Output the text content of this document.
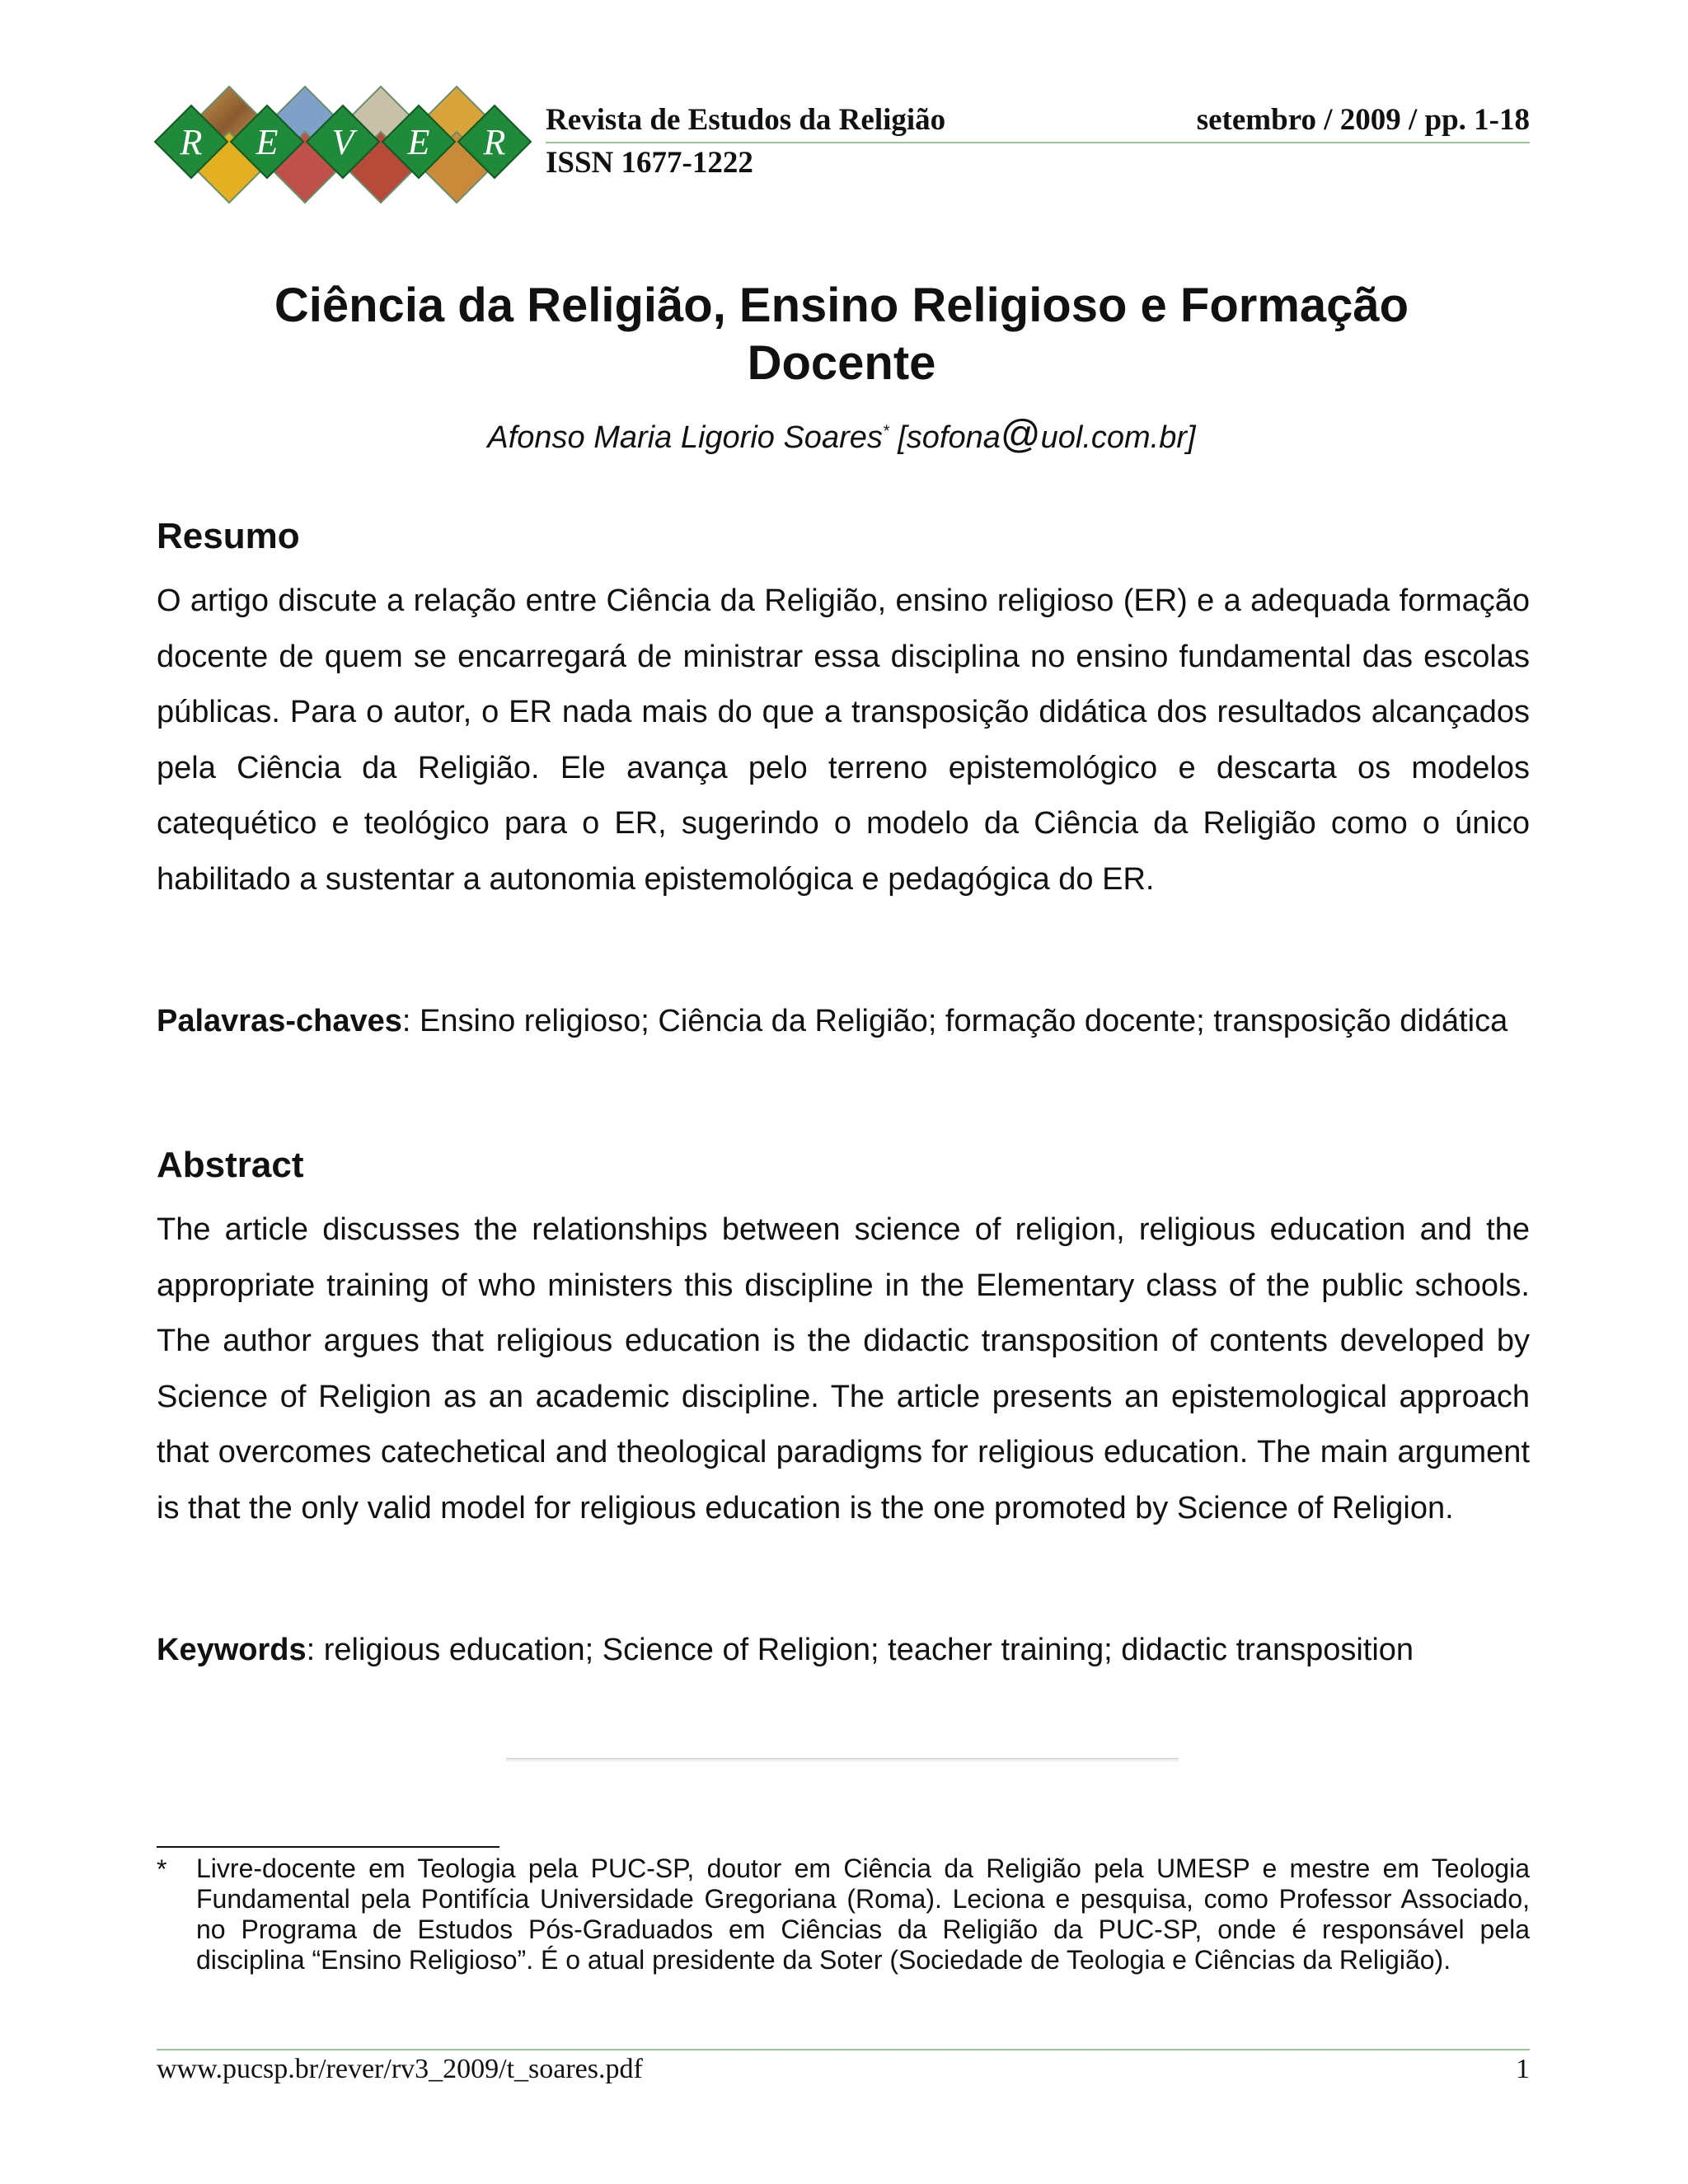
R E V E R
Revista de Estudos da Religião	setembro / 2009 / pp. 1-18
ISSN 1677-1222
Ciência da Religião, Ensino Religioso e Formação
Docente
Afonso Maria Ligorio Soares* [sofona@uol.com.br]
Resumo
O artigo discute a relação entre Ciência da Religião, ensino religioso (ER) e a adequada formação docente de quem se encarregará de ministrar essa disciplina no ensino fundamental das escolas públicas. Para o autor, o ER nada mais do que a transposição didática dos resultados alcançados pela Ciência da Religião. Ele avança pelo terreno epistemológico e descarta os modelos catequético e teológico para o ER, sugerindo o modelo da Ciência da Religião como o único habilitado a sustentar a autonomia epistemológica e pedagógica do ER.
Palavras-chaves: Ensino religioso; Ciência da Religião; formação docente; transposição didática
Abstract
The article discusses the relationships between science of religion, religious education and the appropriate training of who ministers this discipline in the Elementary class of the public schools. The author argues that religious education is the didactic transposition of contents developed by Science of Religion as an academic discipline. The article presents an epistemological approach that overcomes catechetical and theological paradigms for religious education. The main argument is that the only valid model for religious education is the one promoted by Science of Religion.
Keywords: religious education; Science of Religion; teacher training; didactic transposition
* Livre-docente em Teologia pela PUC-SP, doutor em Ciência da Religião pela UMESP e mestre em Teologia Fundamental pela Pontifícia Universidade Gregoriana (Roma). Leciona e pesquisa, como Professor Associado, no Programa de Estudos Pós-Graduados em Ciências da Religião da PUC-SP, onde é responsável pela disciplina “Ensino Religioso”. É o atual presidente da Soter (Sociedade de Teologia e Ciências da Religião).
www.pucsp.br/rever/rv3_2009/t_soares.pdf	1
